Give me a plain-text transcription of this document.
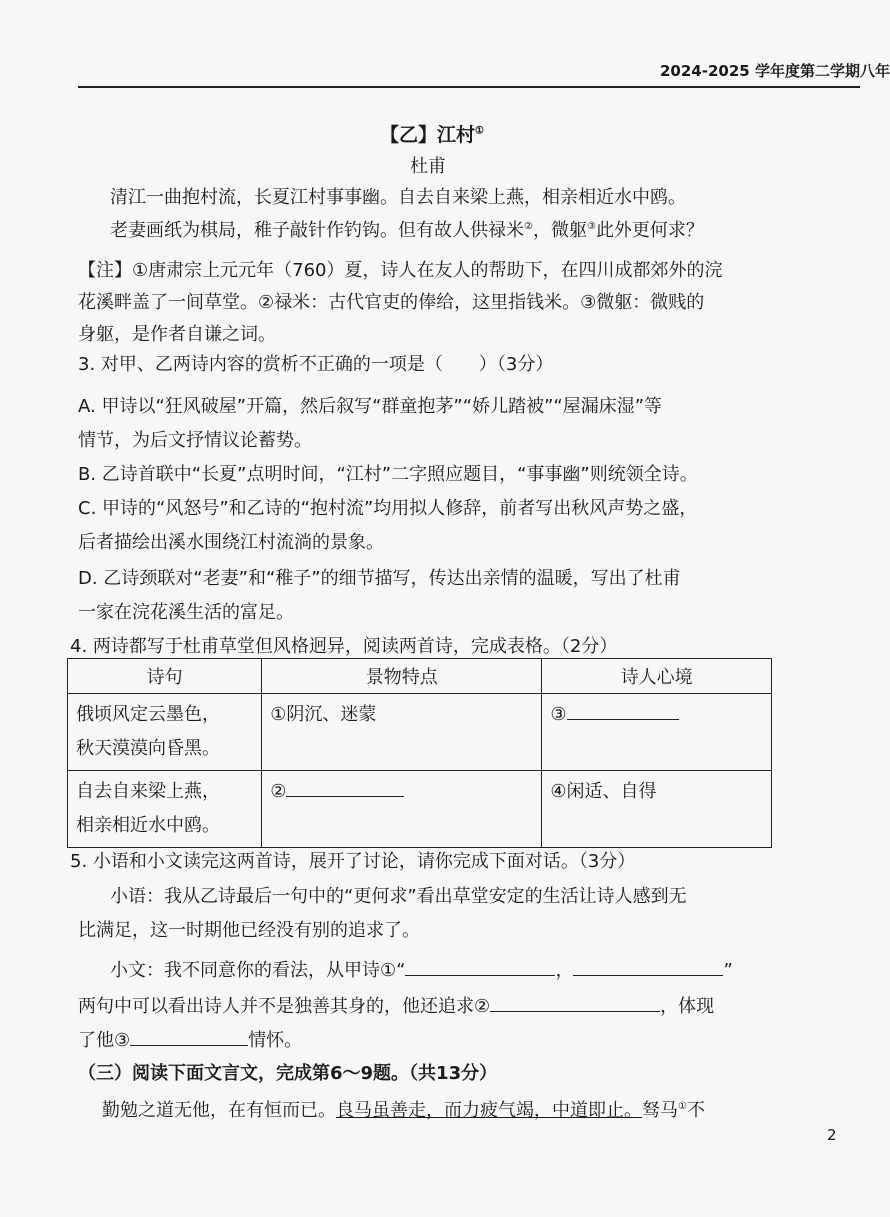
2024-2025 学年度第二学期八年
【乙】江村①
杜甫
清江一曲抱村流，长夏江村事事幽。自去自来梁上燕，相亲相近水中鸥。
老妻画纸为棋局，稚子敲针作钓钩。但有故人供禄米②，微躯③此外更何求？
【注】①唐肃宗上元元年（760）夏，诗人在友人的帮助下，在四川成都郊外的浣
花溪畔盖了一间草堂。②禄米：古代官吏的俸给，这里指钱米。③微躯：微贱的
身躯，是作者自谦之词。
3. 对甲、乙两诗内容的赏析不正确的一项是（　　）（3分）
A. 甲诗以“狂风破屋”开篇，然后叙写“群童抱茅”“娇儿踏被”“屋漏床湿”等
情节，为后文抒情议论蓄势。
B. 乙诗首联中“长夏”点明时间，“江村”二字照应题目，“事事幽”则统领全诗。
C. 甲诗的“风怒号”和乙诗的“抱村流”均用拟人修辞，前者写出秋风声势之盛，
后者描绘出溪水围绕江村流淌的景象。
D. 乙诗颈联对“老妻”和“稚子”的细节描写，传达出亲情的温暖，写出了杜甫
一家在浣花溪生活的富足。
4. 两诗都写于杜甫草堂但风格迥异，阅读两首诗，完成表格。（2分）
诗句	景物特点	诗人心境

俄顷风定云墨色，
秋天漠漠向昏黑。	①阴沉、迷蒙	③

自去自来梁上燕，
相亲相近水中鸥。	②	④闲适、自得
5. 小语和小文读完这两首诗，展开了讨论，请你完成下面对话。（3分）
小语：我从乙诗最后一句中的“更何求”看出草堂安定的生活让诗人感到无
比满足，这一时期他已经没有别的追求了。
小文：我不同意你的看法，从甲诗①“	，	”
两句中可以看出诗人并不是独善其身的，他还追求②	，体现
了他③	情怀。
（三）阅读下面文言文，完成第6～9题。（共13分）
勤勉之道无他，在有恒而已。良马虽善走，而力疲气竭，中道即止。驽马①不
2
